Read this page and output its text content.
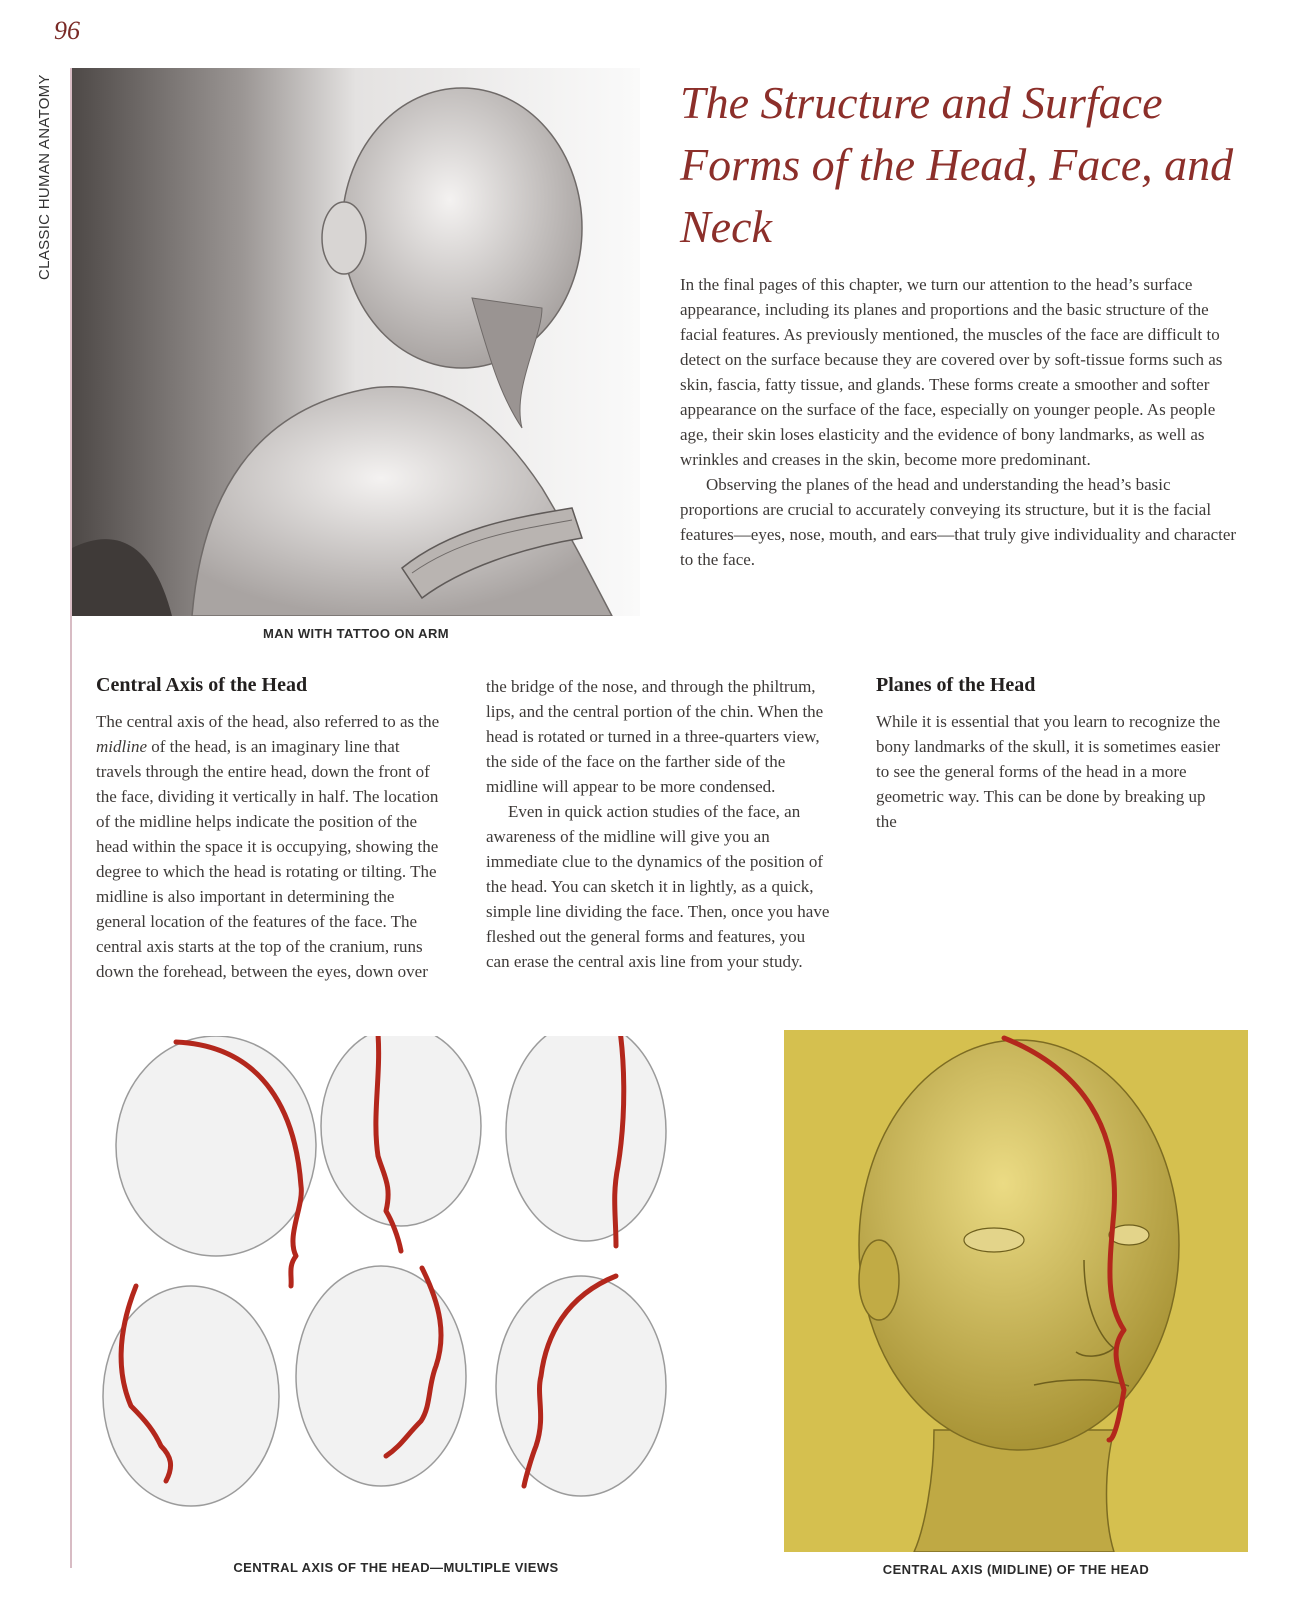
96
CLASSIC HUMAN ANATOMY
MAN WITH TATTOO ON ARM
The Structure and Surface Forms of the Head, Face, and Neck

In the final pages of this chapter, we turn our attention to the head’s surface appearance, including its planes and proportions and the basic structure of the facial features. As previously mentioned, the muscles of the face are difficult to detect on the surface because they are covered over by soft-tissue forms such as skin, fascia, fatty tissue, and glands. These forms create a smoother and softer appearance on the surface of the face, especially on younger people. As people age, their skin loses elasticity and the evidence of bony landmarks, as well as wrinkles and creases in the skin, become more predominant.

Observing the planes of the head and understanding the head’s basic proportions are crucial to accurately conveying its structure, but it is the facial features—eyes, nose, mouth, and ears—that truly give individuality and character to the face.

Central Axis of the Head

The central axis of the head, also referred to as the midline of the head, is an imaginary line that travels through the entire head, down the front of the face, dividing it vertically in half. The location of the midline helps indicate the position of the head within the space it is occupying, showing the degree to which the head is rotating or tilting. The midline is also important in determining the general location of the features of the face. The central axis starts at the top of the cranium, runs down the forehead, between the eyes, down over the bridge of the nose, and through the philtrum, lips, and the central portion of the chin. When the head is rotated or turned in a three-quarters view, the side of the face on the farther side of the midline will appear to be more condensed.

Even in quick action studies of the face, an awareness of the midline will give you an immediate clue to the dynamics of the position of the head. You can sketch it in lightly, as a quick, simple line dividing the face. Then, once you have fleshed out the general forms and features, you can erase the central axis line from your study.

Planes of the Head

While it is essential that you learn to recognize the bony landmarks of the skull, it is sometimes easier to see the general forms of the head in a more geometric way. This can be done by breaking up the

CENTRAL AXIS OF THE HEAD—MULTIPLE VIEWS	CENTRAL AXIS (MIDLINE) OF THE HEAD
